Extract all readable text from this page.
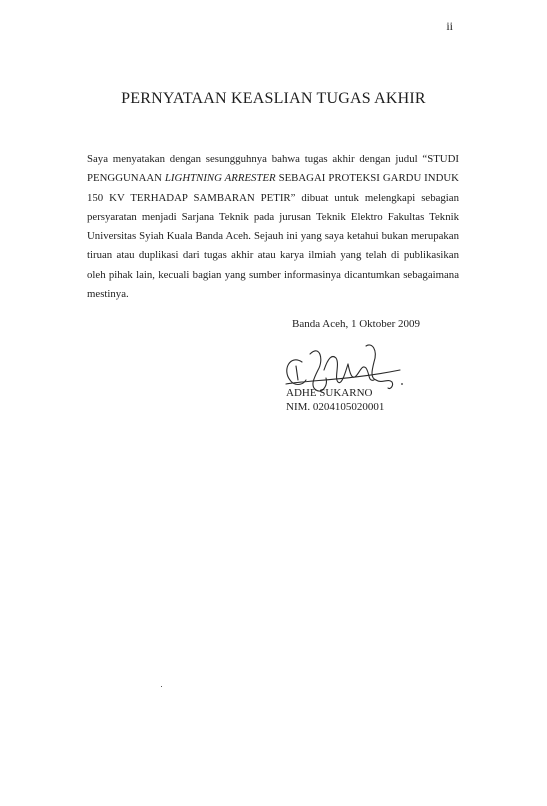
ii
PERNYATAAN KEASLIAN TUGAS AKHIR

Saya menyatakan dengan sesungguhnya bahwa tugas akhir dengan judul “STUDI PENGGUNAAN LIGHTNING ARRESTER SEBAGAI PROTEKSI GARDU INDUK 150 KV TERHADAP SAMBARAN PETIR” dibuat untuk melengkapi sebagian persyaratan menjadi Sarjana Teknik pada jurusan Teknik Elektro Fakultas Teknik Universitas Syiah Kuala Banda Aceh. Sejauh ini yang saya ketahui bukan merupakan tiruan atau duplikasi dari tugas akhir atau karya ilmiah yang telah di publikasikan oleh pihak lain, kecuali bagian yang sumber informasinya dicantumkan sebagaimana mestinya.

Banda Aceh, 1 Oktober 2009
ADHE SUKARNO
NIM. 0204105020001
